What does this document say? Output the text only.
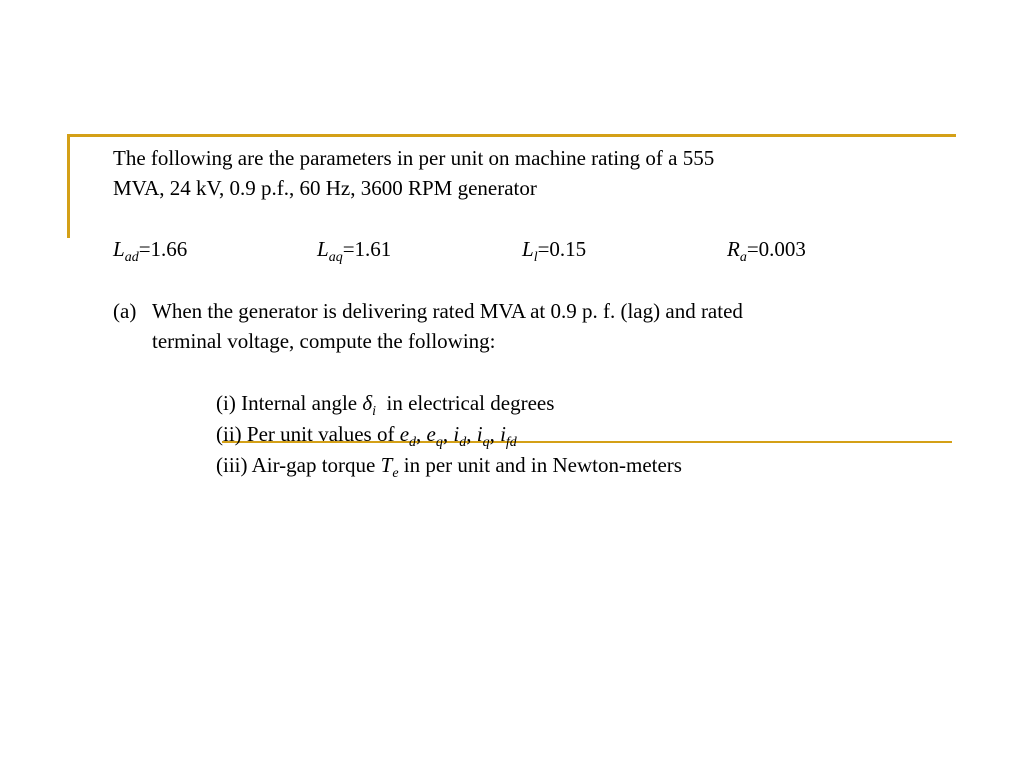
The following are the parameters in per unit on machine rating of a 555
MVA, 24 kV, 0.9 p.f., 60 Hz, 3600 RPM generator
$L_{ad}=1.66$	$L_{aq}=1.61$	$L_l=0.15$	$R_a=0.003$
(a) When the generator is delivering rated MVA at 0.9 p. f. (lag) and rated
terminal voltage, compute the following:
(i) Internal angle $\delta_i$  in electrical degrees
(ii) Per unit values of $e_d$, $e_q$, $i_d$, $i_q$, $i_{fd}$
(iii) Air-gap torque $T_e$ in per unit and in Newton-meters
